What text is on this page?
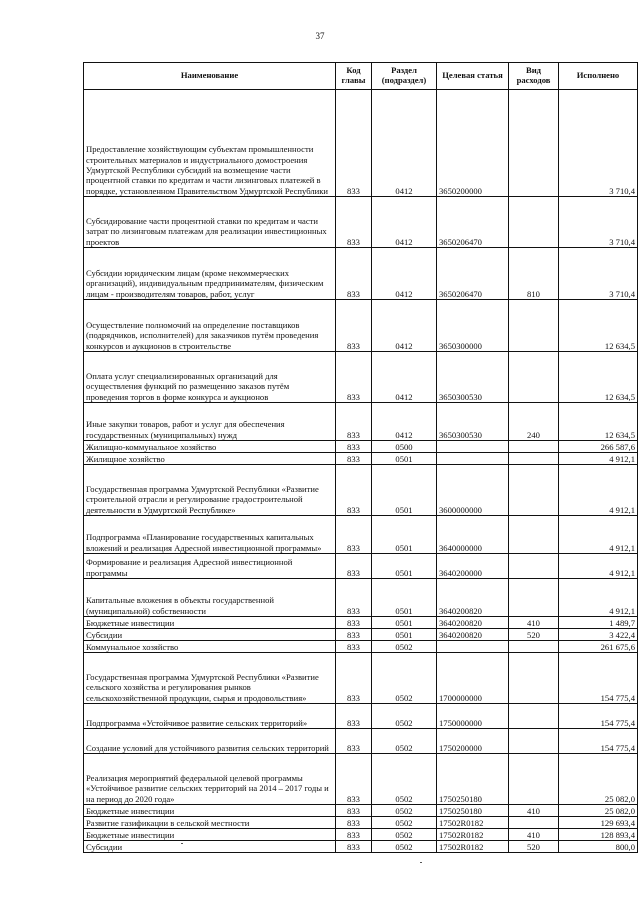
37
Наименование	Код главы	Раздел (подраздел)	Целевая статья	Вид расходов	Исполнено
Предоставление хозяйствующим субъектам промышленности строительных материалов и индустриального домостроения Удмуртской Республики субсидий на возмещение части процентной ставки по кредитам и части лизинговых платежей в порядке, установленном Правительством Удмуртской Республики	833	0412	3650200000		3 710,4
Субсидирование части процентной ставки по кредитам и части затрат по лизинговым платежам для реализации инвестиционных проектов	833	0412	3650206470		3 710,4
Субсидии юридическим лицам (кроме некоммерческих организаций), индивидуальным предпринимателям, физическим лицам - производителям товаров, работ, услуг	833	0412	3650206470	810	3 710,4
Осуществление полномочий на определение поставщиков (подрядчиков, исполнителей) для заказчиков путём проведения конкурсов и аукционов в строительстве	833	0412	3650300000		12 634,5
Оплата услуг специализированных организаций для осуществления функций по размещению заказов путём проведения торгов в форме конкурса и аукционов	833	0412	3650300530		12 634,5
Иные закупки товаров, работ и услуг для обеспечения государственных (муниципальных) нужд	833	0412	3650300530	240	12 634,5
Жилищно-коммунальное хозяйство	833	0500			266 587,6
Жилищное хозяйство	833	0501			4 912,1
Государственная программа Удмуртской Республики «Развитие строительной отрасли и регулирование градостроительной деятельности в Удмуртской Республике»	833	0501	3600000000		4 912,1
Подпрограмма «Планирование государственных капитальных вложений и реализация Адресной инвестиционной программы»	833	0501	3640000000		4 912,1
Формирование и реализация Адресной инвестиционной программы	833	0501	3640200000		4 912,1
Капитальные вложения в объекты государственной (муниципальной) собственности	833	0501	3640200820		4 912,1
Бюджетные инвестиции	833	0501	3640200820	410	1 489,7
Субсидии	833	0501	3640200820	520	3 422,4
Коммунальное хозяйство	833	0502			261 675,6
Государственная программа Удмуртской Республики «Развитие сельского хозяйства и регулирования рынков сельскохозяйственной продукции, сырья и продовольствия»	833	0502	1700000000		154 775,4
Подпрограмма «Устойчивое развитие сельских территорий»	833	0502	1750000000		154 775,4
Создание условий для устойчивого развития сельских территорий	833	0502	1750200000		154 775,4
Реализация мероприятий федеральной целевой программы «Устойчивое развитие сельских территорий на 2014 – 2017 годы и на период до 2020 года»	833	0502	1750250180		25 082,0
Бюджетные инвестиции	833	0502	1750250180	410	25 082,0
Развитие газификации в сельской местности	833	0502	17502R0182		129 693,4
Бюджетные инвестиции	833	0502	17502R0182	410	128 893,4
Субсидии	833	0502	17502R0182	520	800,0
